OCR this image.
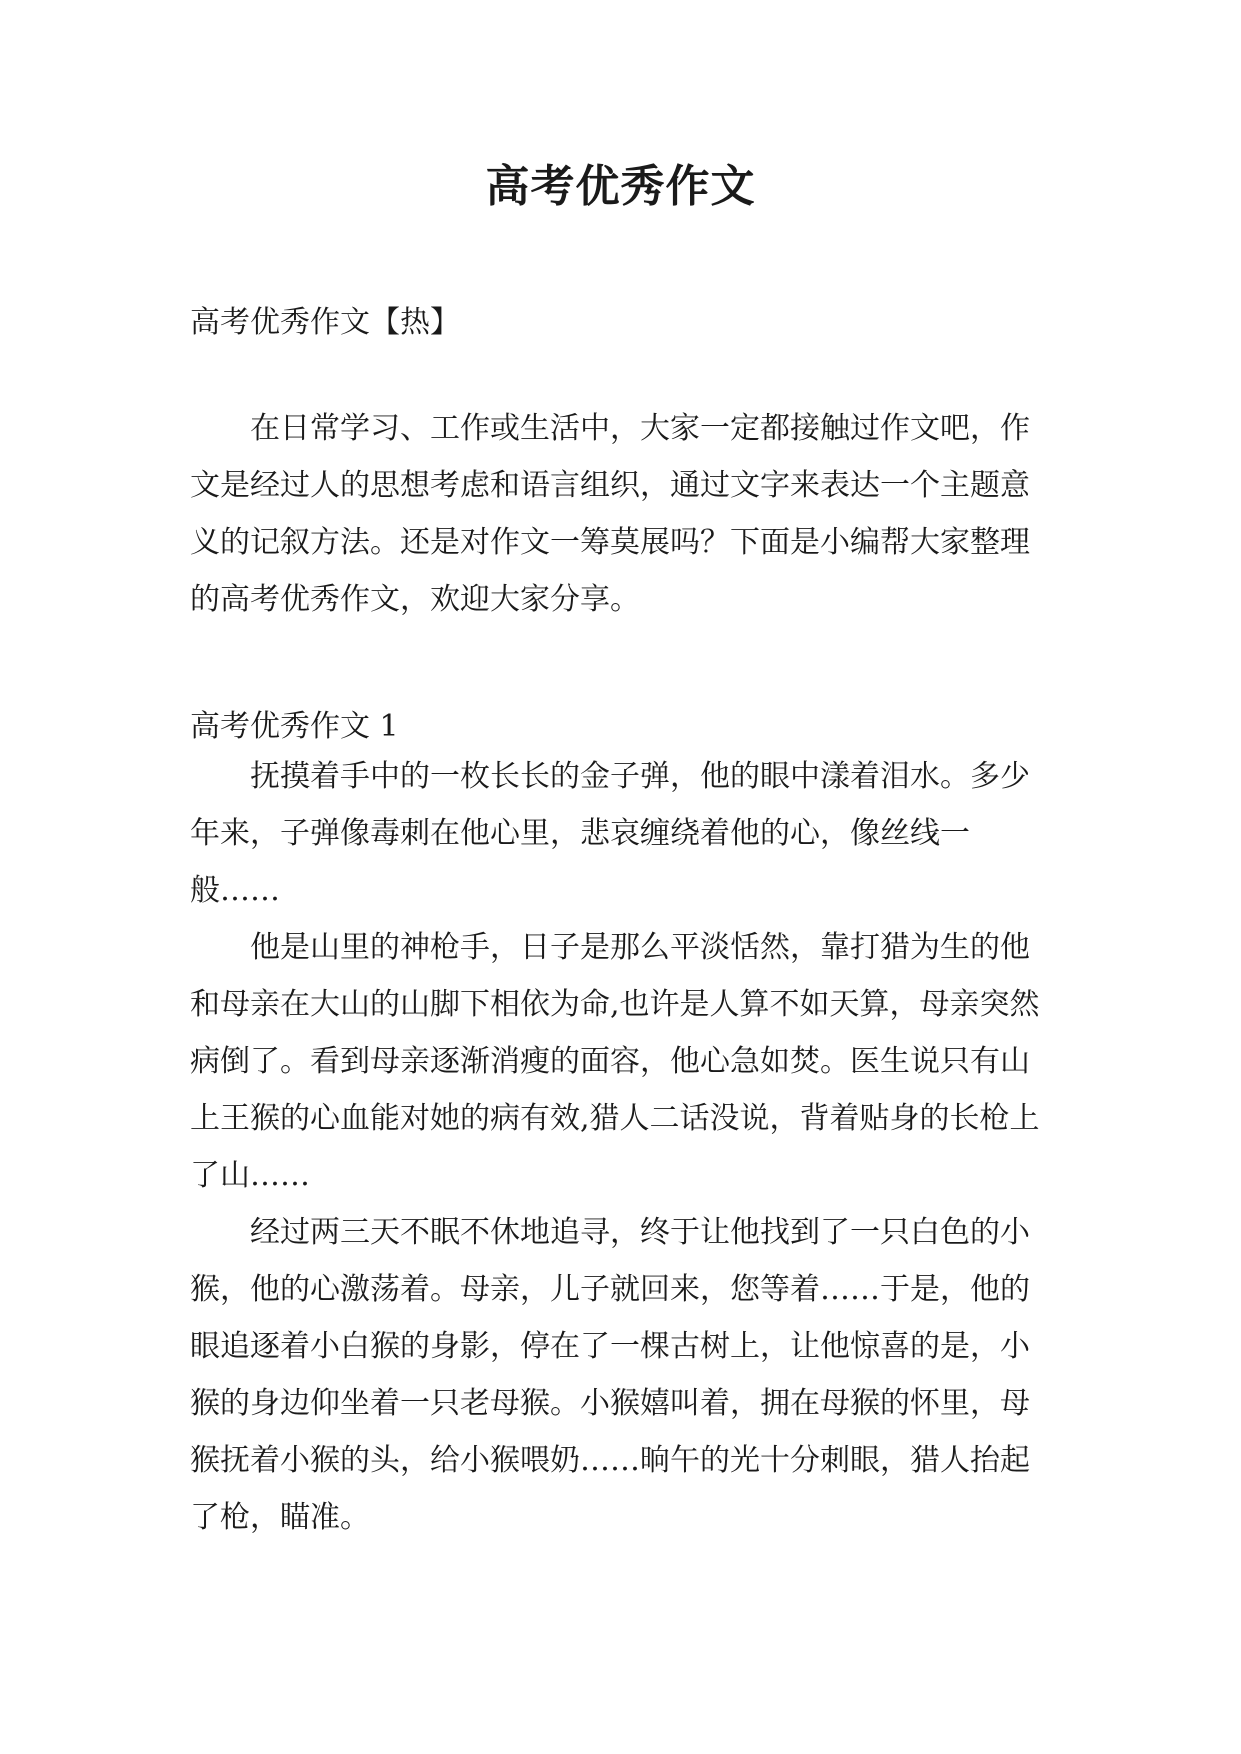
高考优秀作文

高考优秀作文【热】

在日常学习、工作或生活中，大家一定都接触过作文吧，作文是经过人的思想考虑和语言组织，通过文字来表达一个主题意义的记叙方法。还是对作文一筹莫展吗？下面是小编帮大家整理的高考优秀作文，欢迎大家分享。

高考优秀作文 1

抚摸着手中的一枚长长的金子弹，他的眼中漾着泪水。多少年来，子弹像毒刺在他心里，悲哀缠绕着他的心，像丝线一般……

他是山里的神枪手，日子是那么平淡恬然，靠打猎为生的他和母亲在大山的山脚下相依为命,也许是人算不如天算，母亲突然病倒了。看到母亲逐渐消瘦的面容，他心急如焚。医生说只有山上王猴的心血能对她的病有效,猎人二话没说，背着贴身的长枪上了山……

经过两三天不眠不休地追寻，终于让他找到了一只白色的小猴，他的心激荡着。母亲，儿子就回来，您等着……于是，他的眼追逐着小白猴的身影，停在了一棵古树上，让他惊喜的是，小猴的身边仰坐着一只老母猴。小猴嬉叫着，拥在母猴的怀里，母猴抚着小猴的头，给小猴喂奶……晌午的光十分刺眼，猎人抬起了枪，瞄准。
